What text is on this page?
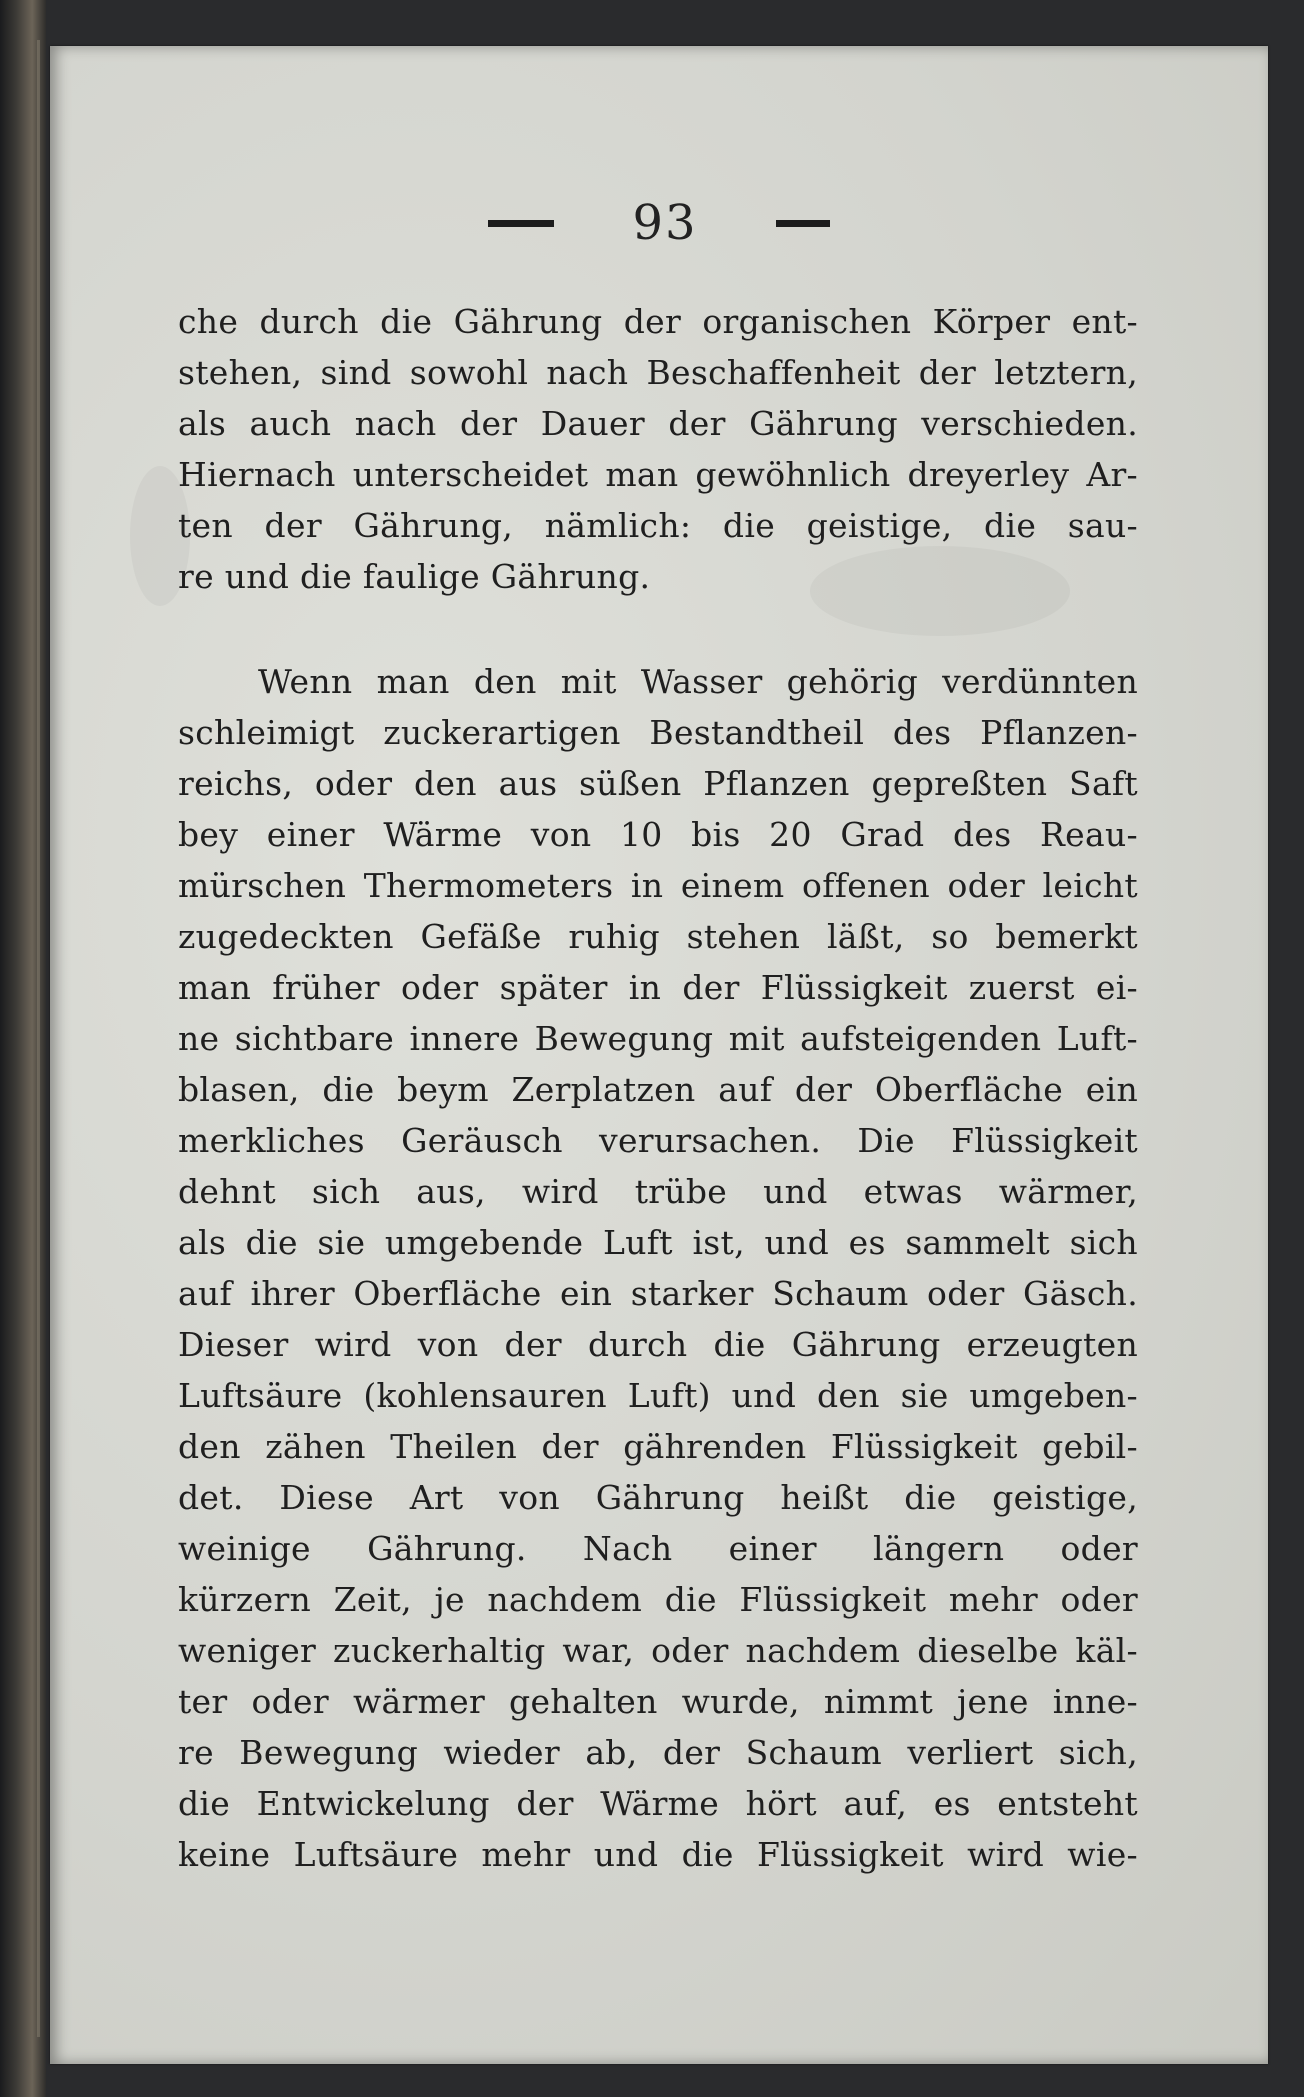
93
che durch die Gährung der organischen Körper ent-
stehen, sind sowohl nach Beschaffenheit der letztern,
als auch nach der Dauer der Gährung verschieden.
Hiernach unterscheidet man gewöhnlich dreyerley Ar-
ten der Gährung, nämlich: die geistige, die sau-
re und die faulige Gährung.
Wenn man den mit Wasser gehörig verdünnten
schleimigt zuckerartigen Bestandtheil des Pflanzen-
reichs, oder den aus süßen Pflanzen gepreßten Saft
bey einer Wärme von 10 bis 20 Grad des Reau-
mürschen Thermometers in einem offenen oder leicht
zugedeckten Gefäße ruhig stehen läßt, so bemerkt
man früher oder später in der Flüssigkeit zuerst ei-
ne sichtbare innere Bewegung mit aufsteigenden Luft-
blasen, die beym Zerplatzen auf der Oberfläche ein
merkliches Geräusch verursachen. Die Flüssigkeit
dehnt sich aus, wird trübe und etwas wärmer,
als die sie umgebende Luft ist, und es sammelt sich
auf ihrer Oberfläche ein starker Schaum oder Gäsch.
Dieser wird von der durch die Gährung erzeugten
Luftsäure (kohlensauren Luft) und den sie umgeben-
den zähen Theilen der gährenden Flüssigkeit gebil-
det. Diese Art von Gährung heißt die geistige,
weinige Gährung. Nach einer längern oder
kürzern Zeit, je nachdem die Flüssigkeit mehr oder
weniger zuckerhaltig war, oder nachdem dieselbe käl-
ter oder wärmer gehalten wurde, nimmt jene inne-
re Bewegung wieder ab, der Schaum verliert sich,
die Entwickelung der Wärme hört auf, es entsteht
keine Luftsäure mehr und die Flüssigkeit wird wie-
